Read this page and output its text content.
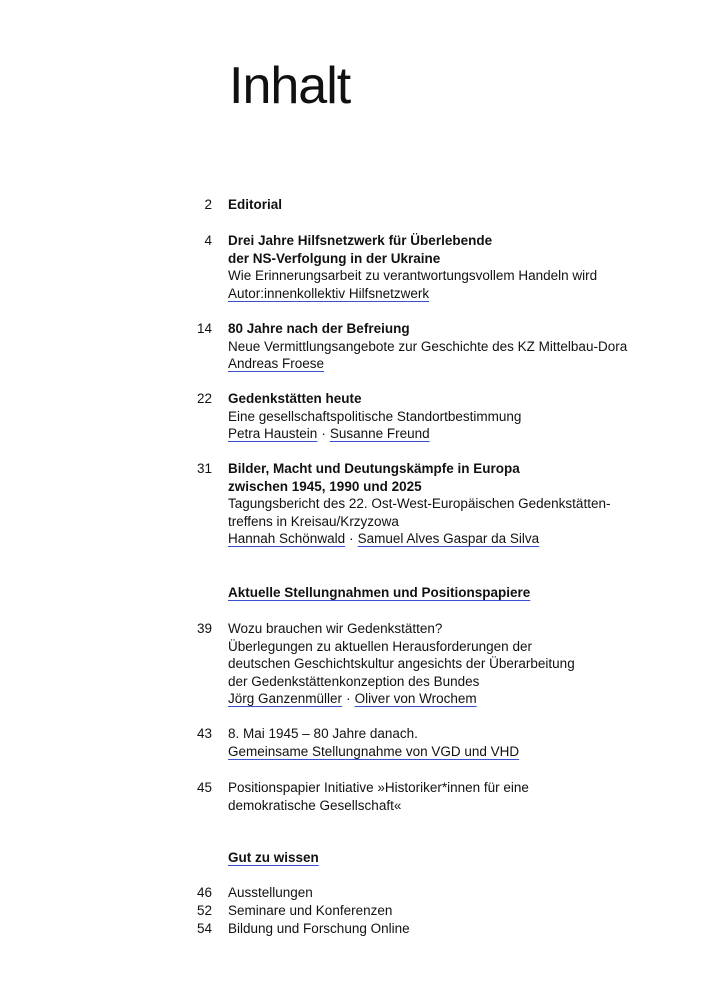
Inhalt
2 Editorial
4 Drei Jahre Hilfsnetzwerk für Überlebende
der NS-Verfolgung in der Ukraine
Wie Erinnerungsarbeit zu verantwortungsvollem Handeln wird
Autor:innenkollektiv Hilfsnetzwerk
14 80 Jahre nach der Befreiung
Neue Vermittlungsangebote zur Geschichte des KZ Mittelbau-Dora
Andreas Froese
22 Gedenkstätten heute
Eine gesellschaftspolitische Standortbestimmung
Petra Haustein · Susanne Freund
31 Bilder, Macht und Deutungskämpfe in Europa
zwischen 1945, 1990 und 2025
Tagungsbericht des 22. Ost-West-Europäischen Gedenkstätten-
treffens in Kreisau/Krzyzowa
Hannah Schönwald · Samuel Alves Gaspar da Silva
Aktuelle Stellungnahmen und Positionspapiere
39 Wozu brauchen wir Gedenkstätten?
Überlegungen zu aktuellen Herausforderungen der
deutschen Geschichtskultur angesichts der Überarbeitung
der Gedenkstättenkonzeption des Bundes
Jörg Ganzenmüller · Oliver von Wrochem
43 8. Mai 1945 – 80 Jahre danach.
Gemeinsame Stellungnahme von VGD und VHD
45 Positionspapier Initiative »Historiker*innen für eine
demokratische Gesellschaft«
Gut zu wissen
46 Ausstellungen
52 Seminare und Konferenzen
54 Bildung und Forschung Online
